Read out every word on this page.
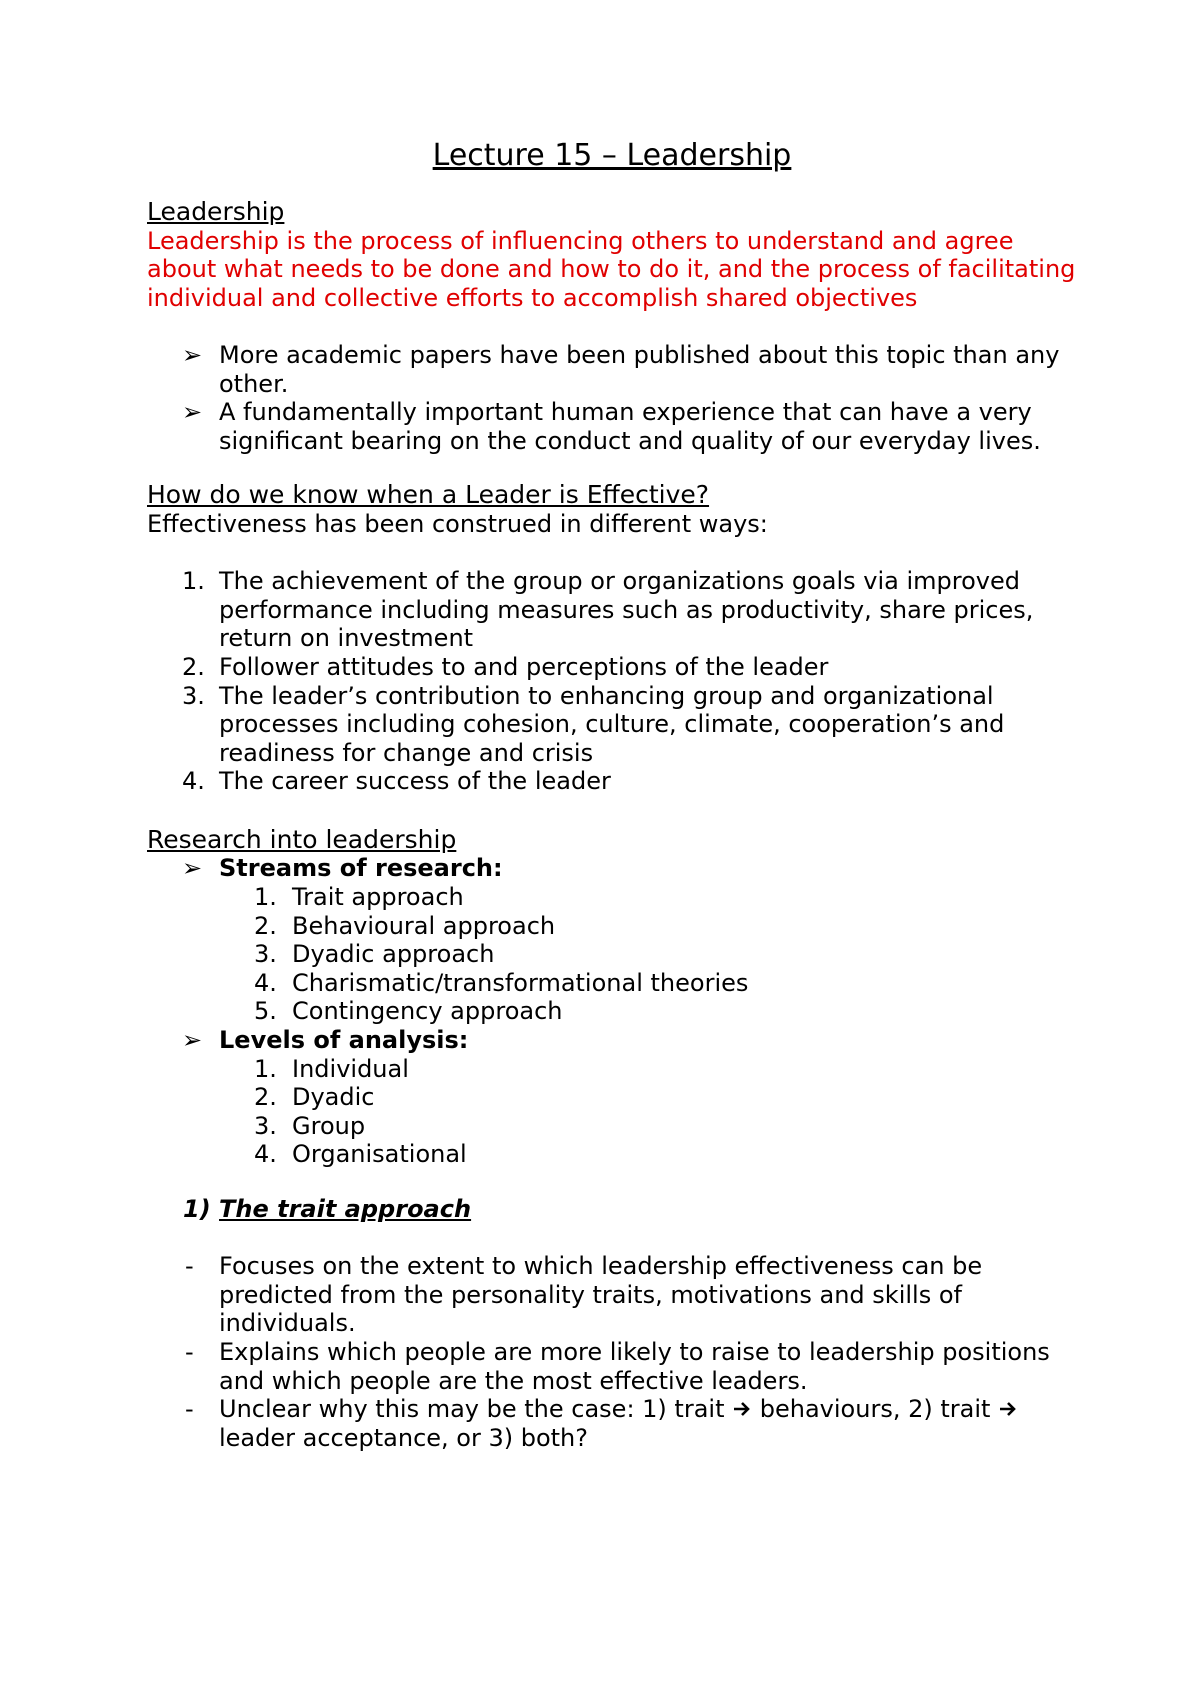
Lecture 15 – Leadership

Leadership

Leadership is the process of influencing others to understand and agree about what needs to be done and how to do it, and the process of facilitating individual and collective efforts to accomplish shared objectives

➢ More academic papers have been published about this topic than any other.
➢ A fundamentally important human experience that can have a very significant bearing on the conduct and quality of our everyday lives.

How do we know when a Leader is Effective?

Effectiveness has been construed in different ways:

1. The achievement of the group or organizations goals via improved performance including measures such as productivity, share prices, return on investment
2. Follower attitudes to and perceptions of the leader
3. The leader’s contribution to enhancing group and organizational processes including cohesion, culture, climate, cooperation’s and readiness for change and crisis
4. The career success of the leader

Research into leadership

➢ Streams of research:
1. Trait approach
2. Behavioural approach
3. Dyadic approach
4. Charismatic/transformational theories
5. Contingency approach
➢ Levels of analysis:
1. Individual
2. Dyadic
3. Group
4. Organisational

1) The trait approach

- Focuses on the extent to which leadership effectiveness can be predicted from the personality traits, motivations and skills of individuals.
- Explains which people are more likely to raise to leadership positions and which people are the most effective leaders.
- Unclear why this may be the case: 1) trait behaviours, 2) trait  leader acceptance, or 3) both?
